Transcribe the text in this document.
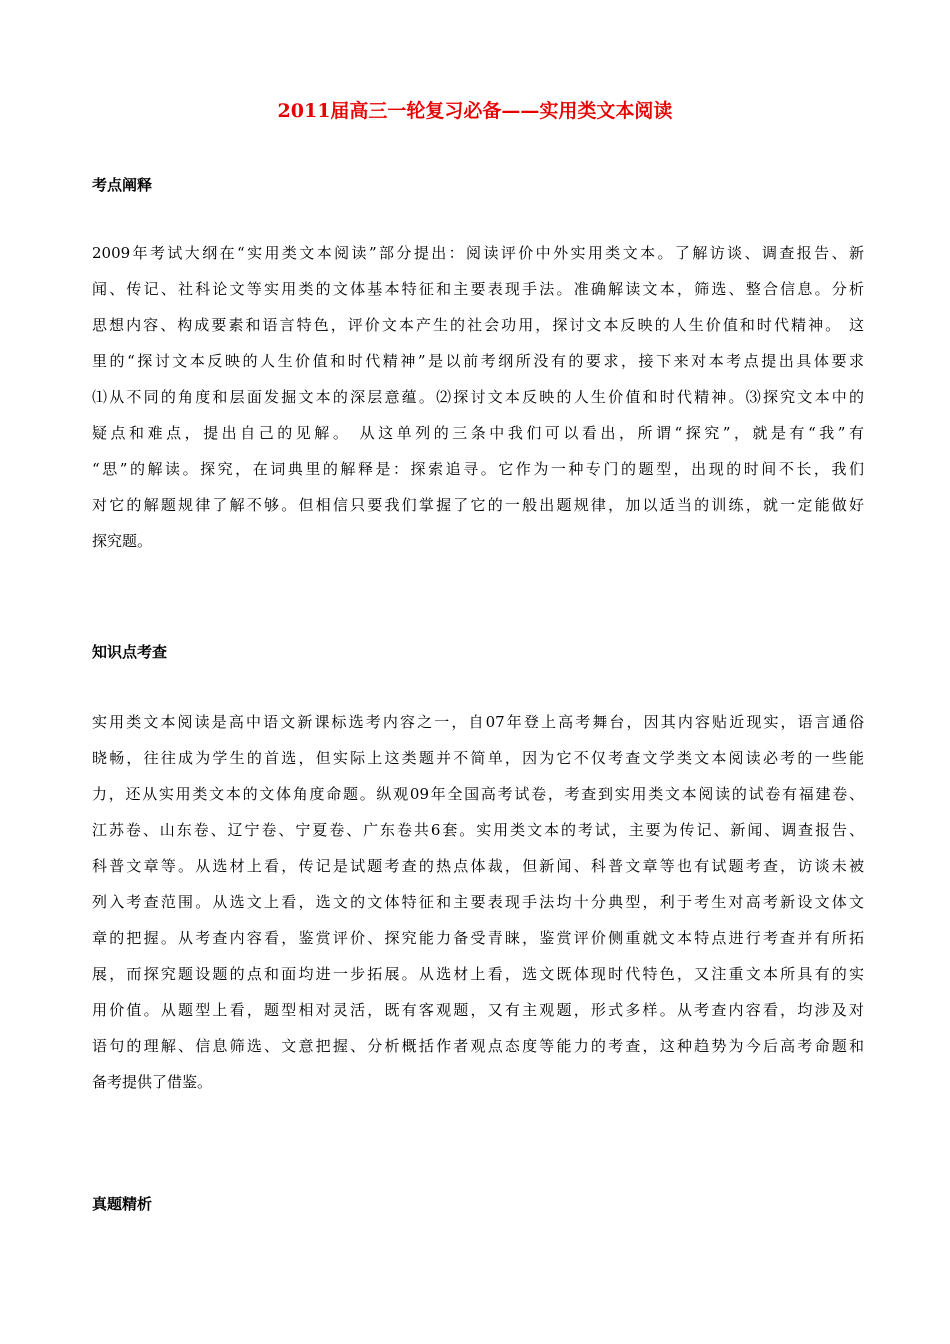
2011届高三一轮复习必备——实用类文本阅读
考点阐释
2009年考试大纲在“实用类文本阅读”部分提出：阅读评价中外实用类文本。了解访谈、调查报告、新
闻、传记、社科论文等实用类的文体基本特征和主要表现手法。准确解读文本，筛选、整合信息。分析
思想内容、构成要素和语言特色，评价文本产生的社会功用，探讨文本反映的人生价值和时代精神。 这
里的“探讨文本反映的人生价值和时代精神”是以前考纲所没有的要求，接下来对本考点提出具体要求
⑴从不同的角度和层面发掘文本的深层意蕴。⑵探讨文本反映的人生价值和时代精神。⑶探究文本中的
疑点和难点，提出自己的见解。 从这单列的三条中我们可以看出，所谓“探究”，就是有“我”有
“思”的解读。探究，在词典里的解释是：探索追寻。它作为一种专门的题型，出现的时间不长，我们
对它的解题规律了解不够。但相信只要我们掌握了它的一般出题规律，加以适当的训练，就一定能做好
探究题。
知识点考查
实用类文本阅读是高中语文新课标选考内容之一，自07年登上高考舞台，因其内容贴近现实，语言通俗
晓畅，往往成为学生的首选，但实际上这类题并不简单，因为它不仅考查文学类文本阅读必考的一些能
力，还从实用类文本的文体角度命题。纵观09年全国高考试卷，考查到实用类文本阅读的试卷有福建卷、
江苏卷、山东卷、辽宁卷、宁夏卷、广东卷共6套。实用类文本的考试，主要为传记、新闻、调查报告、
科普文章等。从选材上看，传记是试题考查的热点体裁，但新闻、科普文章等也有试题考查，访谈未被
列入考查范围。从选文上看，选文的文体特征和主要表现手法均十分典型，利于考生对高考新设文体文
章的把握。从考查内容看，鉴赏评价、探究能力备受青睐，鉴赏评价侧重就文本特点进行考查并有所拓
展，而探究题设题的点和面均进一步拓展。从选材上看，选文既体现时代特色，又注重文本所具有的实
用价值。从题型上看，题型相对灵活，既有客观题，又有主观题，形式多样。从考查内容看，均涉及对
语句的理解、信息筛选、文意把握、分析概括作者观点态度等能力的考查，这种趋势为今后高考命题和
备考提供了借鉴。
真题精析
